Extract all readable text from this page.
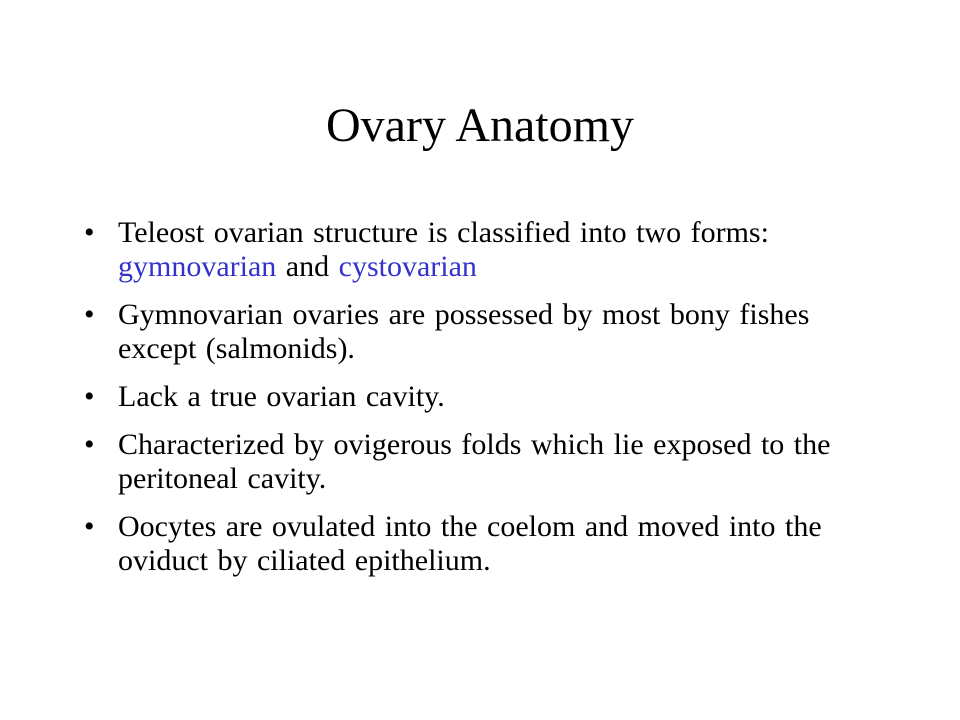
Ovary Anatomy
• Teleost ovarian structure is classified into two forms: gymnovarian and cystovarian
• Gymnovarian ovaries are possessed by most bony fishes except (salmonids).
• Lack a true ovarian cavity.
• Characterized by ovigerous folds which lie exposed to the peritoneal cavity.
• Oocytes are ovulated into the coelom and moved into the oviduct by ciliated epithelium.
